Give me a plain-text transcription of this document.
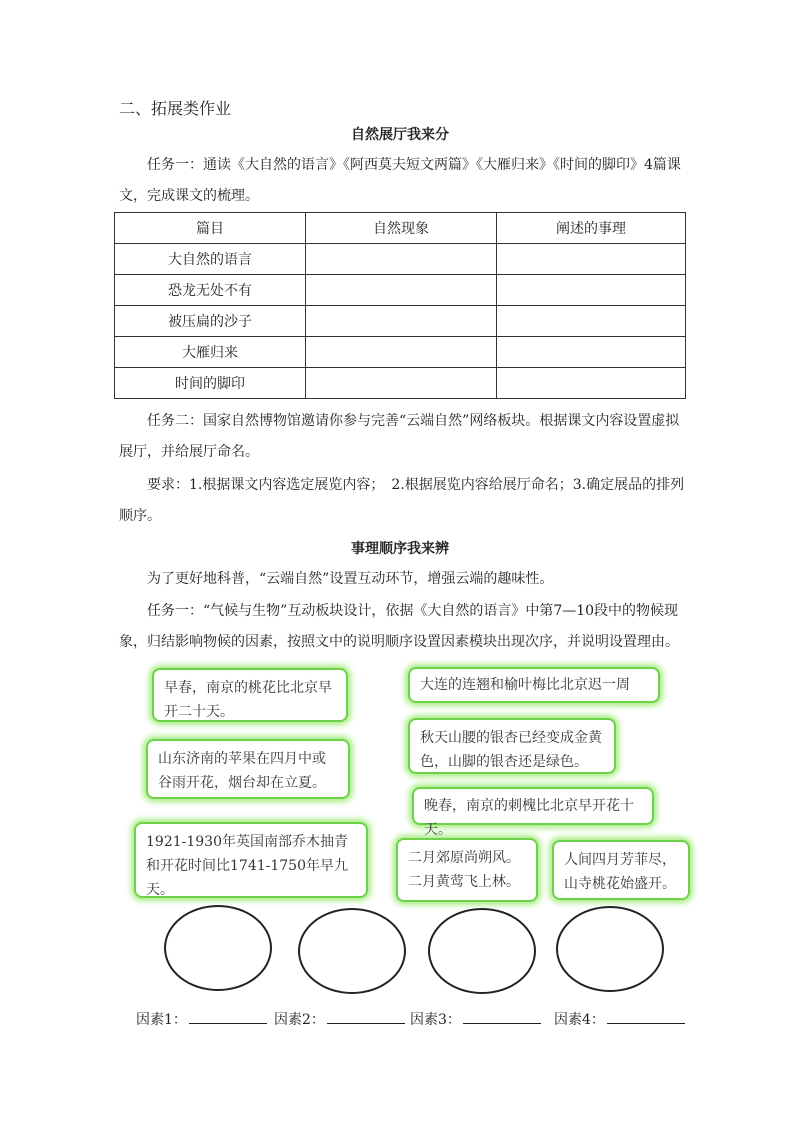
二、拓展类作业
自然展厅我来分
任务一：通读《大自然的语言》《阿西莫夫短文两篇》《大雁归来》《时间的脚印》4篇课文，完成课文的梳理。
篇目	自然现象	阐述的事理
大自然的语言		
恐龙无处不有		
被压扁的沙子		
大雁归来		
时间的脚印		
任务二：国家自然博物馆邀请你参与完善“云端自然”网络板块。根据课文内容设置虚拟展厅，并给展厅命名。
要求：1.根据课文内容选定展览内容；　2.根据展览内容给展厅命名；3.确定展品的排列顺序。
事理顺序我来辨
为了更好地科普，“云端自然”设置互动环节，增强云端的趣味性。
任务一：“气候与生物”互动板块设计，依据《大自然的语言》中第7—10段中的物候现象，归结影响物候的因素，按照文中的说明顺序设置因素模块出现次序，并说明设置理由。
早春，南京的桃花比北京早开二十天。
大连的连翘和榆叶梅比北京迟一周
秋天山腰的银杏已经变成金黄色，山脚的银杏还是绿色。
山东济南的苹果在四月中或谷雨开花，烟台却在立夏。
晚春，南京的刺槐比北京早开花十天。
1921-1930年英国南部乔木抽青和开花时间比1741-1750年早九天。
二月郊原尚朔风。二月黄莺飞上林。
人间四月芳菲尽，山寺桃花始盛开。
因素1：	因素2：	因素3：	因素4：
